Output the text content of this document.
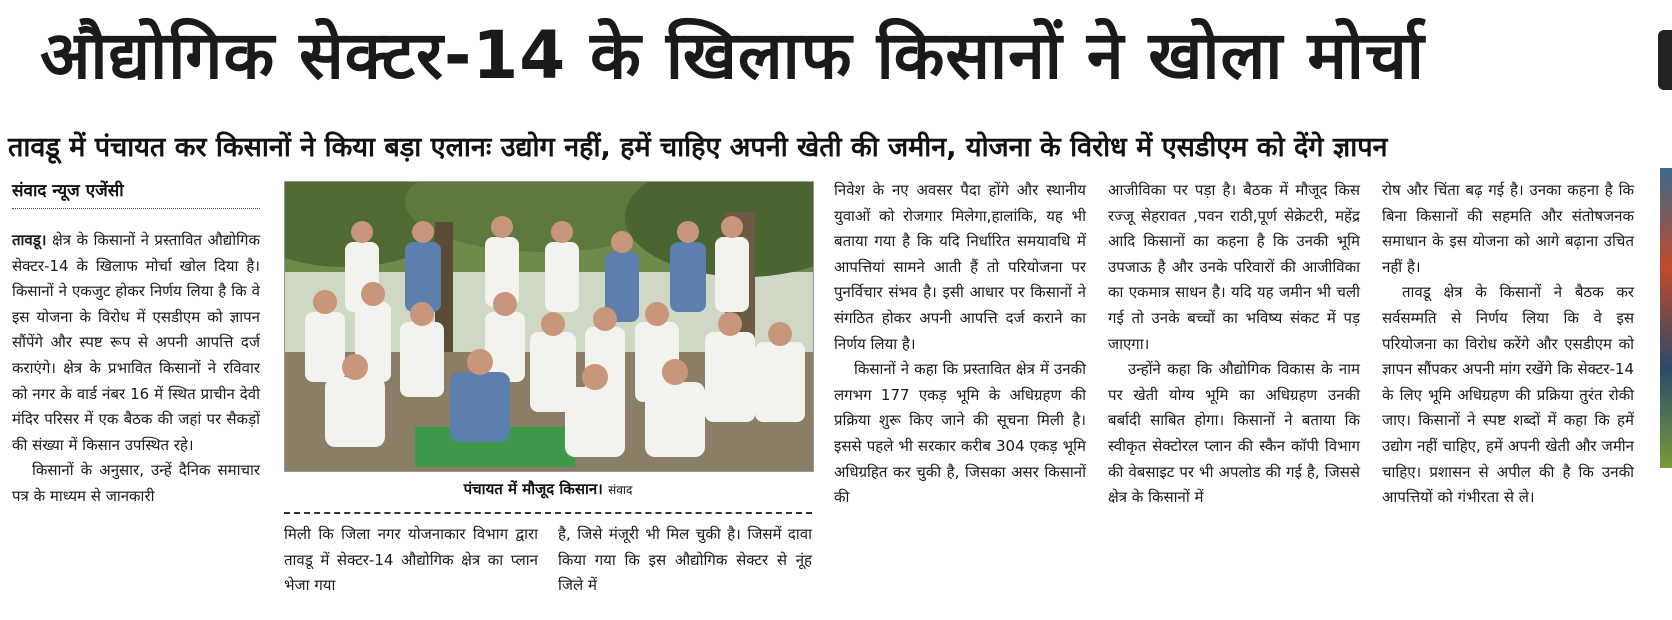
औद्योगिक सेक्टर-14 के खिलाफ किसानों ने खोला मोर्चा
तावडू में पंचायत कर किसानों ने किया बड़ा एलानः उद्योग नहीं, हमें चाहिए अपनी खेती की जमीन, योजना के विरोध में एसडीएम को देंगे ज्ञापन
संवाद न्यूज एजेंसी

तावडू। क्षेत्र के किसानों ने प्रस्तावित औद्योगिक सेक्टर-14 के खिलाफ मोर्चा खोल दिया है। किसानों ने एकजुट होकर निर्णय लिया है कि वे इस योजना के विरोध में एसडीएम को ज्ञापन सौंपेंगे और स्पष्ट रूप से अपनी आपत्ति दर्ज कराएंगे। क्षेत्र के प्रभावित किसानों ने रविवार को नगर के वार्ड नंबर 16 में स्थित प्राचीन देवी मंदिर परिसर में एक बैठक की जहां पर सैकड़ों की संख्या में किसान उपस्थित रहे।

किसानों के अनुसार, उन्हें दैनिक समाचार पत्र के माध्यम से जानकारी	पंचायत में मौजूद किसान। संवाद

मिली कि जिला नगर योजनाकार विभाग द्वारा तावडू में सेक्टर-14 औद्योगिक क्षेत्र का प्लान भेजा गया

है, जिसे मंजूरी भी मिल चुकी है। जिसमें दावा किया गया कि इस औद्योगिक सेक्टर से नूंह जिले में

निवेश के नए अवसर पैदा होंगे और स्थानीय युवाओं को रोजगार मिलेगा,हालांकि, यह भी बताया गया है कि यदि निर्धारित समयावधि में आपत्तियां सामने आती हैं तो परियोजना पर पुनर्विचार संभव है। इसी आधार पर किसानों ने संगठित होकर अपनी आपत्ति दर्ज कराने का निर्णय लिया है।

किसानों ने कहा कि प्रस्तावित क्षेत्र में उनकी लगभग 177 एकड़ भूमि के अधिग्रहण की प्रक्रिया शुरू किए जाने की सूचना मिली है। इससे पहले भी सरकार करीब 304 एकड़ भूमि अधिग्रहित कर चुकी है, जिसका असर किसानों की

आजीविका पर पड़ा है। बैठक में मौजूद किस रज्जू सेहरावत ,पवन राठी,पूर्ण सेक्रेटरी, महेंद्र आदि किसानों का कहना है कि उनकी भूमि उपजाऊ है और उनके परिवारों की आजीविका का एकमात्र साधन है। यदि यह जमीन भी चली गई तो उनके बच्चों का भविष्य संकट में पड़ जाएगा।

उन्होंने कहा कि औद्योगिक विकास के नाम पर खेती योग्य भूमि का अधिग्रहण उनकी बर्बादी साबित होगा। किसानों ने बताया कि स्वीकृत सेक्टोरल प्लान की स्कैन कॉपी विभाग की वेबसाइट पर भी अपलोड की गई है, जिससे क्षेत्र के किसानों में

रोष और चिंता बढ़ गई है। उनका कहना है कि बिना किसानों की सहमति और संतोषजनक समाधान के इस योजना को आगे बढ़ाना उचित नहीं है।

तावडू क्षेत्र के किसानों ने बैठक कर सर्वसम्मति से निर्णय लिया कि वे इस परियोजना का विरोध करेंगे और एसडीएम को ज्ञापन सौंपकर अपनी मांग रखेंगे कि सेक्टर-14 के लिए भूमि अधिग्रहण की प्रक्रिया तुरंत रोकी जाए। किसानों ने स्पष्ट शब्दों में कहा कि हमें उद्योग नहीं चाहिए, हमें अपनी खेती और जमीन चाहिए। प्रशासन से अपील की है कि उनकी आपत्तियों को गंभीरता से ले।
